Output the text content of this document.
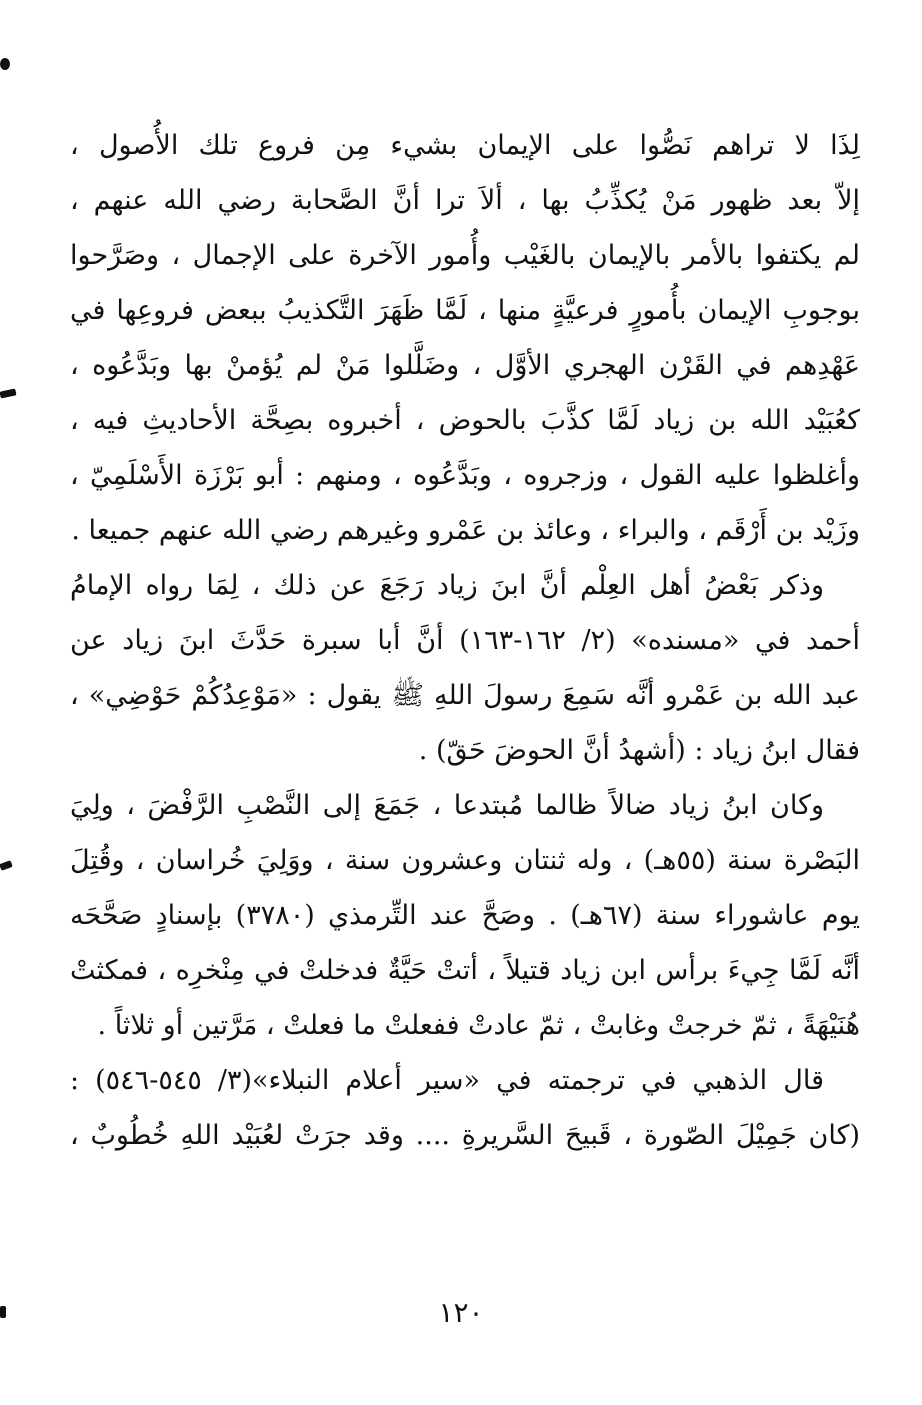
لِذَا لا تراهم نَصُّوا على الإيمان بشيء مِن فروع تلك الأُصول ،
إلاّ بعد ظهور مَنْ يُكذِّبُ بها ، ألاَ ترا أنَّ الصَّحابة رضي الله عنهم ،
لم يكتفوا بالأمر بالإيمان بالغَيْب وأُمور الآخرة على الإجمال ، وصَرَّحوا
بوجوبِ الإيمان بأُمورٍ فرعيَّةٍ منها ، لَمَّا ظَهَرَ التَّكذيبُ ببعض فروعِها في
عَهْدِهم في القَرْن الهجري الأوَّل ، وضَلَّلوا مَنْ لم يُؤمنْ بها وبَدَّعُوه ،
كعُبَيْد الله بن زياد لَمَّا كذَّبَ بالحوض ، أخبروه بصِحَّة الأحاديثِ فيه ،
وأغلظوا عليه القول ، وزجروه ، وبَدَّعُوه ، ومنهم : أبو بَرْزَة الأَسْلَمِيّ ،
وزَيْد بن أَرْقَم ، والبراء ، وعائذ بن عَمْرو وغيرهم رضي الله عنهم جميعا .
وذكر بَعْضُ أهل العِلْم أنَّ ابنَ زياد رَجَعَ عن ذلك ، لِمَا رواه الإمامُ
أحمد في «مسنده» (٢/ ١٦٢-١٦٣) أنَّ أبا سبرة حَدَّثَ ابنَ زياد عن
عبد الله بن عَمْرو أنَّه سَمِعَ رسولَ اللهِ ﷺ يقول : «مَوْعِدُكُمْ حَوْضِي» ،
فقال ابنُ زياد : (أشهدُ أنَّ الحوضَ حَقّ) .
وكان ابنُ زياد ضالاً ظالما مُبتدعا ، جَمَعَ إلى النَّصْبِ الرَّفْضَ ، ولِيَ
البَصْرة سنة (٥٥هـ) ، وله ثنتان وعشرون سنة ، ووَلِيَ خُراسان ، وقُتِلَ
يوم عاشوراء سنة (٦٧هـ) . وصَحَّ عند التِّرمذي (٣٧٨٠) بإسنادٍ صَحَّحَه
أنَّه لَمَّا جِيءَ برأس ابن زياد قتيلاً ، أتتْ حَيَّةٌ فدخلتْ في مِنْخرِه ، فمكثتْ
هُنَيْهَةً ، ثمّ خرجتْ وغابتْ ، ثمّ عادتْ ففعلتْ ما فعلتْ ، مَرَّتين أو ثلاثاً .
قال الذهبي في ترجمته في «سير أعلام النبلاء»(٣/ ٥٤٥-٥٤٦) :
(كان جَمِيْلَ الصّورة ، قَبيحَ السَّريرةِ .... وقد جرَتْ لعُبَيْد اللهِ خُطُوبٌ ،
١٢٠
